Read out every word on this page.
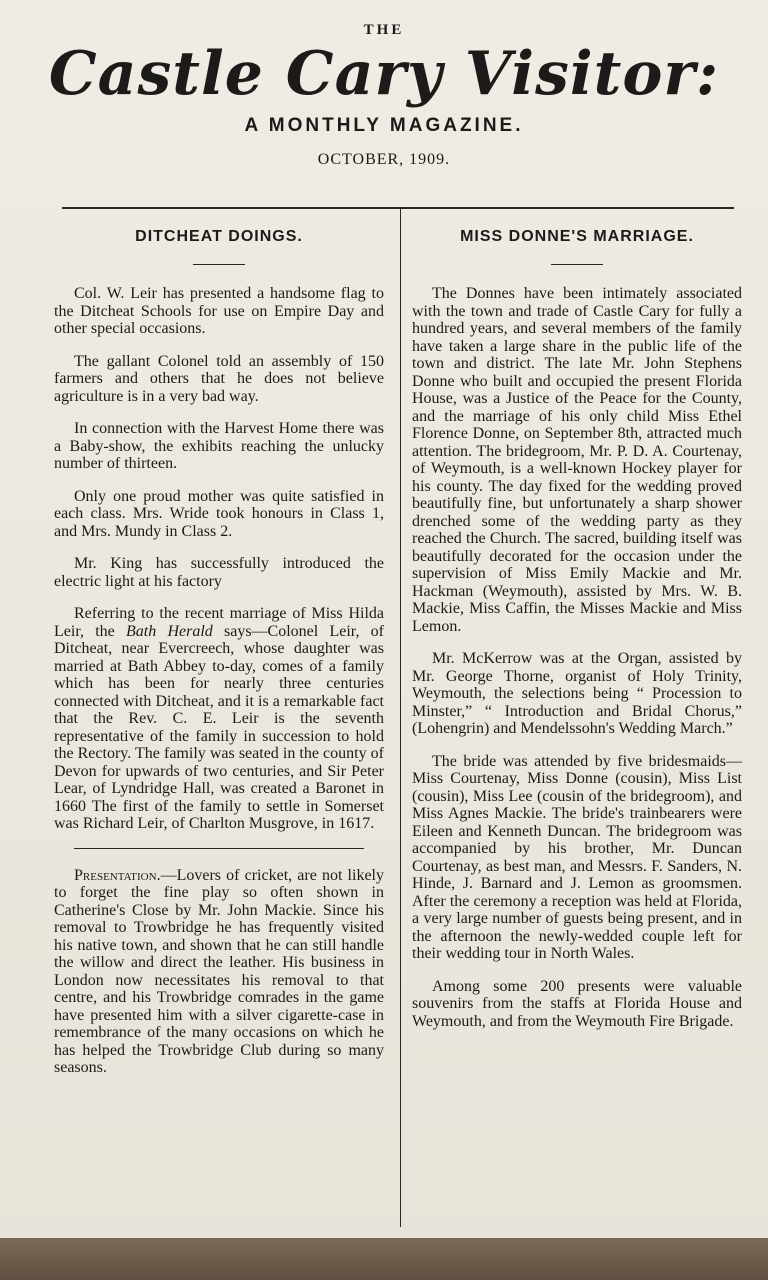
THE
Castle Cary Visitor:
A MONTHLY MAGAZINE.
OCTOBER, 1909.
DITCHEAT DOINGS.

Col. W. Leir has presented a handsome flag to the Ditcheat Schools for use on Empire Day and other special occasions.

The gallant Colonel told an assembly of 150 farmers and others that he does not believe agriculture is in a very bad way.

In connection with the Harvest Home there was a Baby-show, the exhibits reaching the unlucky number of thirteen.

Only one proud mother was quite satisfied in each class. Mrs. Wride took honours in Class 1, and Mrs. Mundy in Class 2.

Mr. King has successfully introduced the electric light at his factory

Referring to the recent marriage of Miss Hilda Leir, the Bath Herald says—Colonel Leir, of Ditcheat, near Evercreech, whose daughter was married at Bath Abbey to-day, comes of a family which has been for nearly three centuries connected with Ditcheat, and it is a remarkable fact that the Rev. C. E. Leir is the seventh representative of the family in succession to hold the Rectory. The family was seated in the county of Devon for upwards of two centuries, and Sir Peter Lear, of Lyndridge Hall, was created a Baronet in 1660 The first of the family to settle in Somerset was Richard Leir, of Charlton Musgrove, in 1617.

Presentation.—Lovers of cricket, are not likely to forget the fine play so often shown in Catherine's Close by Mr. John Mackie. Since his removal to Trowbridge he has frequently visited his native town, and shown that he can still handle the willow and direct the leather. His business in London now necessitates his removal to that centre, and his Trowbridge comrades in the game have presented him with a silver cigarette-case in remembrance of the many occasions on which he has helped the Trowbridge Club during so many seasons.

MISS DONNE'S MARRIAGE.

The Donnes have been intimately associated with the town and trade of Castle Cary for fully a hundred years, and several members of the family have taken a large share in the public life of the town and district. The late Mr. John Stephens Donne who built and occupied the present Florida House, was a Justice of the Peace for the County, and the marriage of his only child Miss Ethel Florence Donne, on September 8th, attracted much attention. The bridegroom, Mr. P. D. A. Courtenay, of Weymouth, is a well-known Hockey player for his county. The day fixed for the wedding proved beautifully fine, but unfortunately a sharp shower drenched some of the wedding party as they reached the Church. The sacred, building itself was beautifully decorated for the occasion under the supervision of Miss Emily Mackie and Mr. Hackman (Weymouth), assisted by Mrs. W. B. Mackie, Miss Caffin, the Misses Mackie and Miss Lemon.

Mr. McKerrow was at the Organ, assisted by Mr. George Thorne, organist of Holy Trinity, Weymouth, the selections being “ Procession to Minster,” “ Introduction and Bridal Chorus,” (Lohengrin) and Mendelssohn's Wedding March.”

The bride was attended by five bridesmaids—Miss Courtenay, Miss Donne (cousin), Miss List (cousin), Miss Lee (cousin of the bridegroom), and Miss Agnes Mackie. The bride's trainbearers were Eileen and Kenneth Duncan. The bridegroom was accompanied by his brother, Mr. Duncan Courtenay, as best man, and Messrs. F. Sanders, N. Hinde, J. Barnard and J. Lemon as groomsmen. After the ceremony a reception was held at Florida, a very large number of guests being present, and in the afternoon the newly-wedded couple left for their wedding tour in North Wales.

Among some 200 presents were valuable souvenirs from the staffs at Florida House and Weymouth, and from the Weymouth Fire Brigade.
